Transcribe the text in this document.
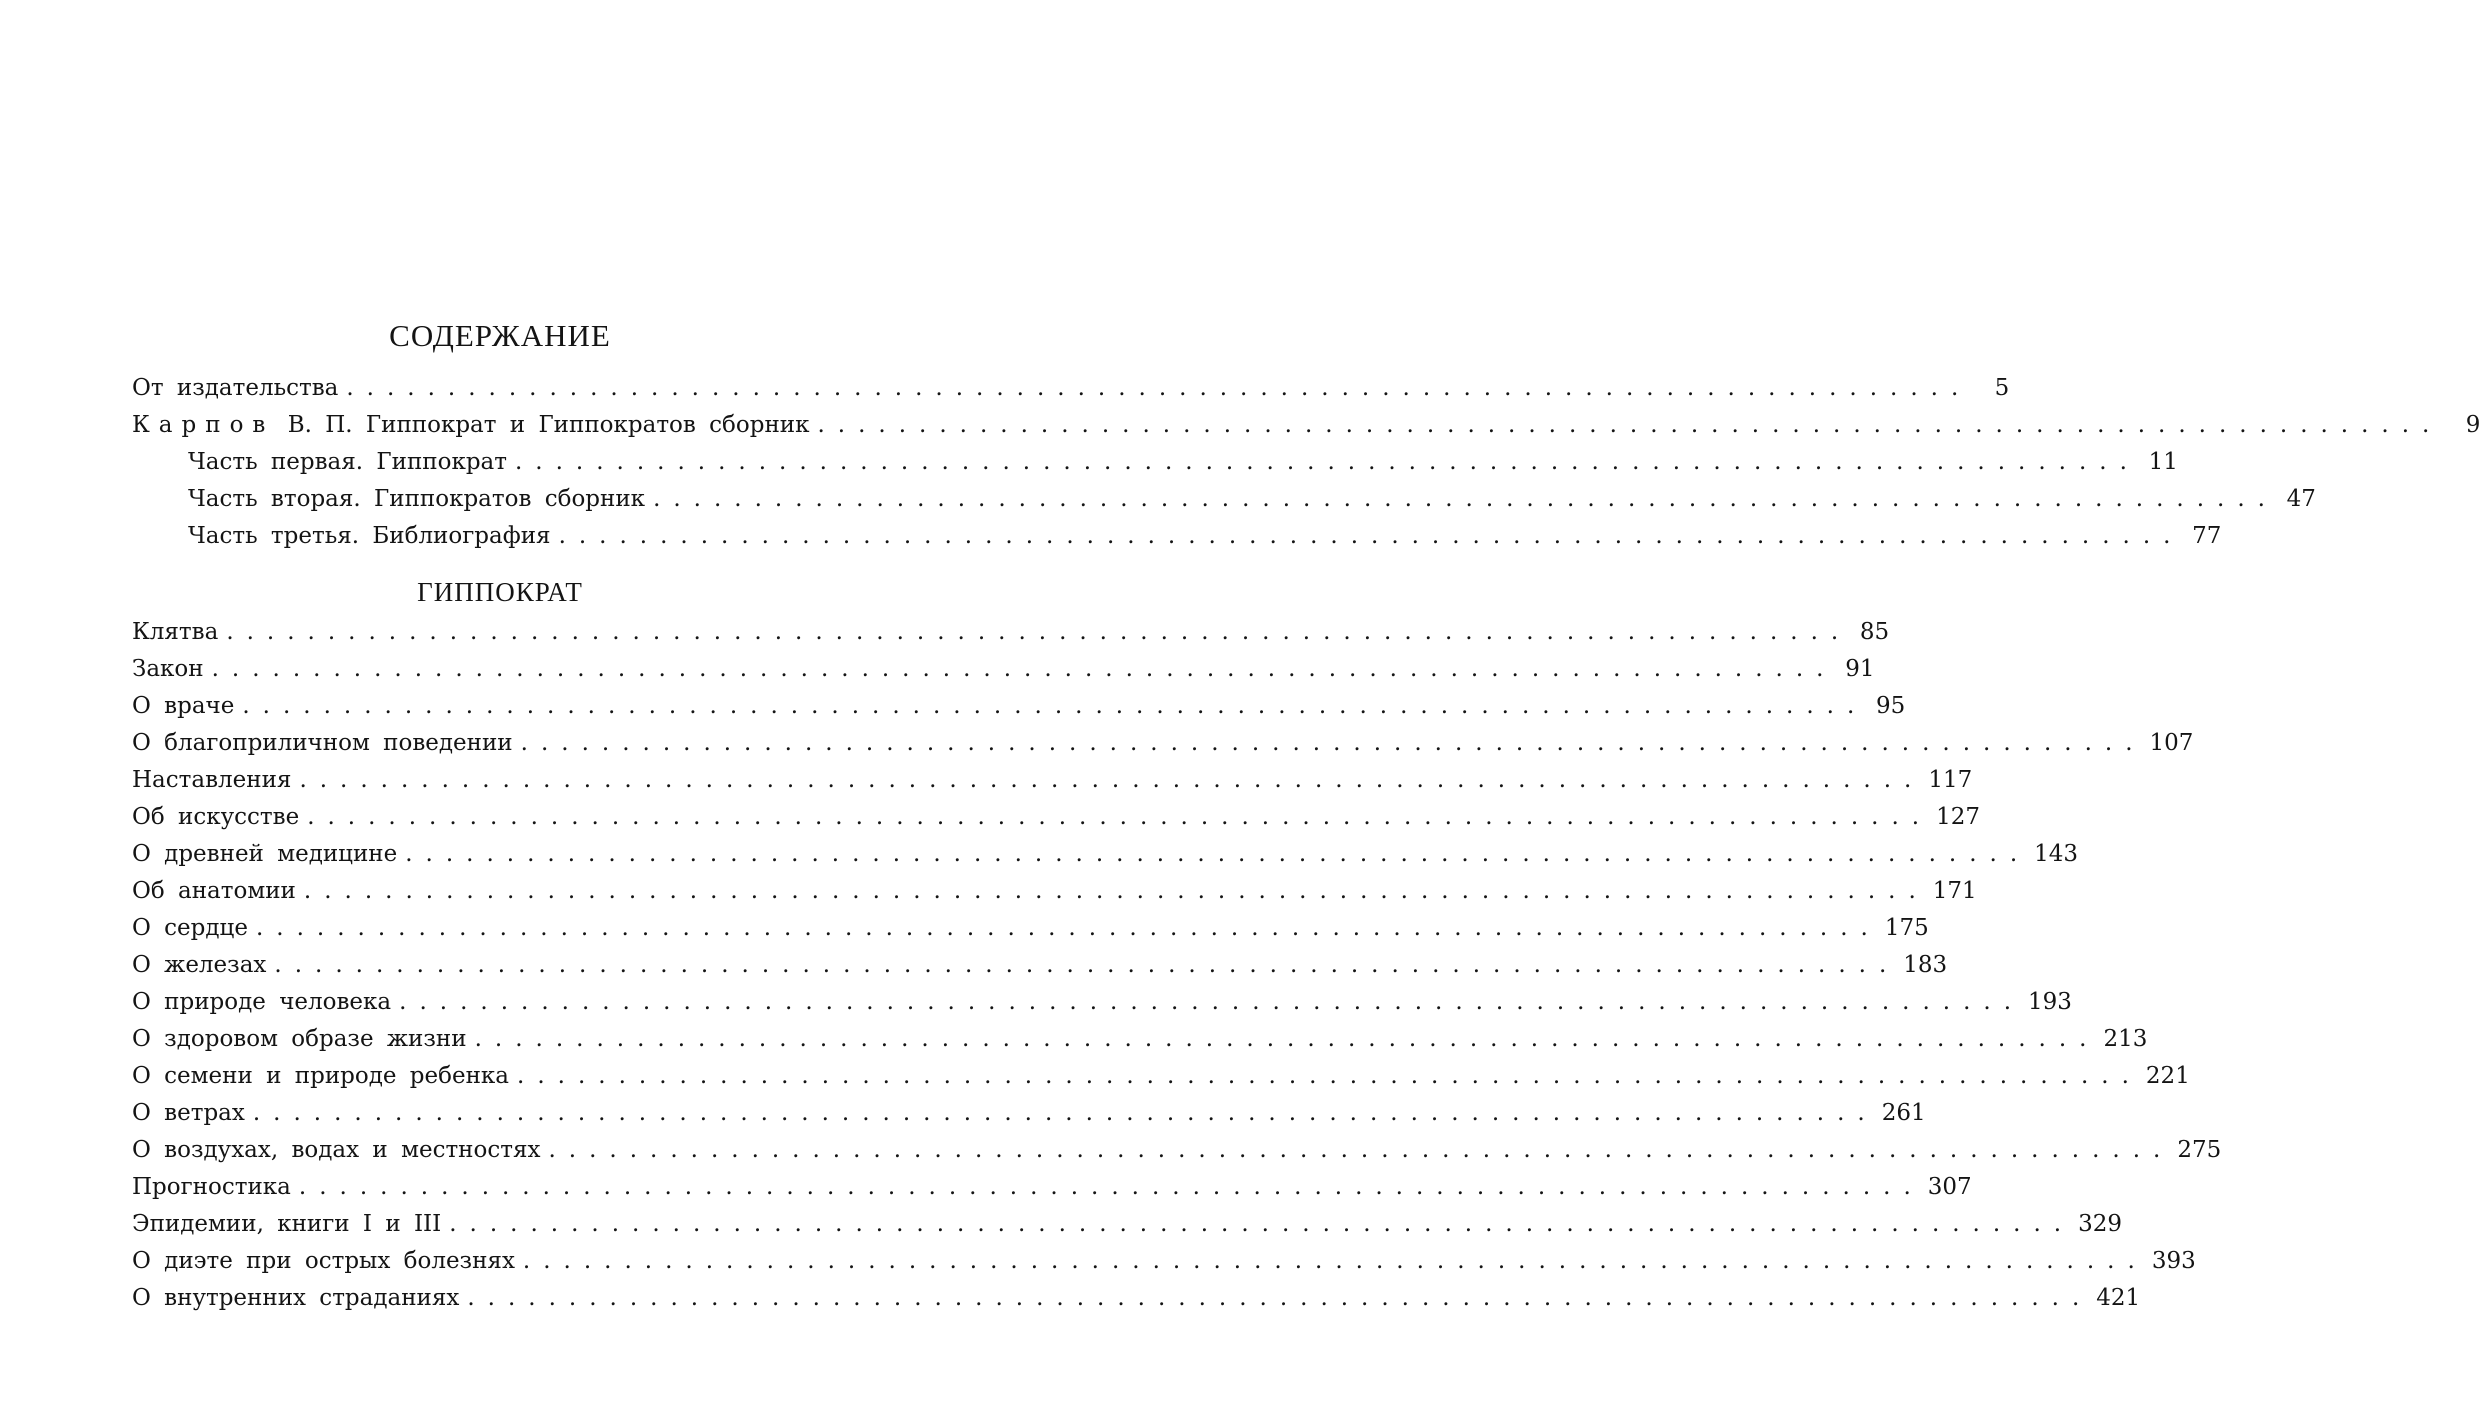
СОДЕРЖАНИЕ
От издательства ................................................................................	5
Карпов В. П. Гиппократ и Гиппократов сборник ................................................................................	9
Часть первая. Гиппократ ................................................................................ 11
Часть вторая. Гиппократов сборник ................................................................................ 47
Часть третья. Библиография ................................................................................ 77
ГИППОКРАТ
Клятва ................................................................................ 85
Закон ................................................................................ 91
О враче ................................................................................ 95
О благоприличном поведении ................................................................................ 107
Наставления ................................................................................ 117
Об искусстве ................................................................................ 127
О древней медицине ................................................................................ 143
Об анатомии ................................................................................ 171
О сердце ................................................................................ 175
О железах ................................................................................ 183
О природе человека ................................................................................ 193
О здоровом образе жизни ................................................................................ 213
О семени и природе ребенка ................................................................................ 221
О ветрах ................................................................................ 261
О воздухах, водах и местностях ................................................................................ 275
Прогностика ................................................................................ 307
Эпидемии, книги I и III ................................................................................ 329
О диэте при острых болезнях ................................................................................ 393
О внутренних страданиях ................................................................................ 421
